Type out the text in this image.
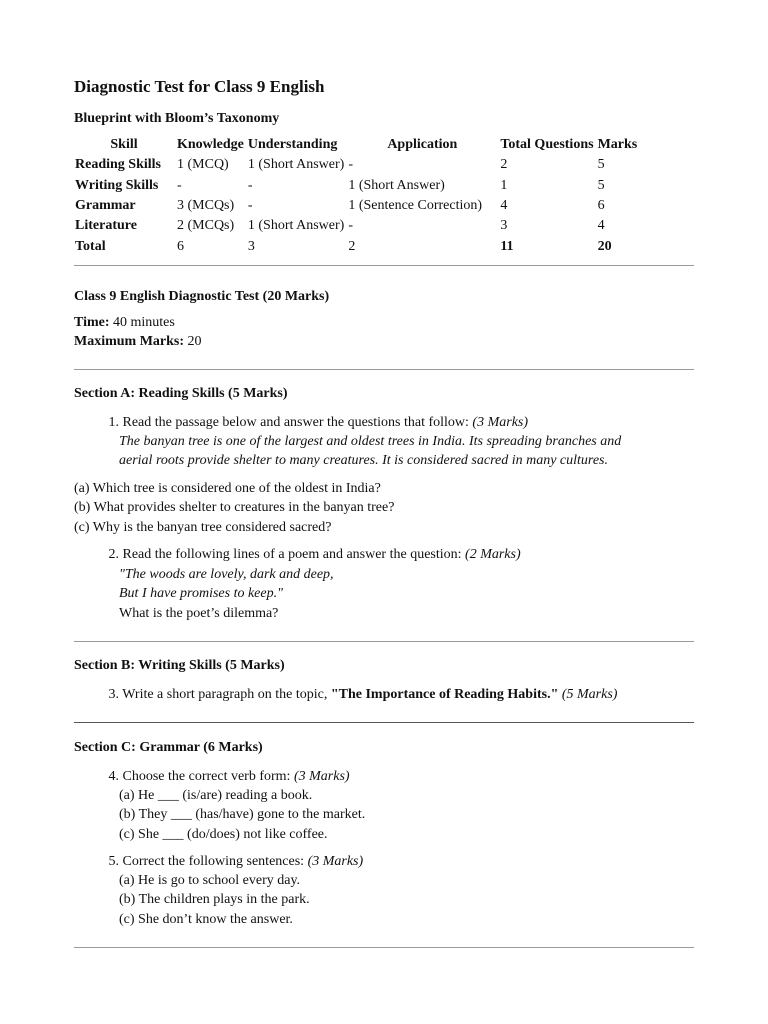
Diagnostic Test for Class 9 English
Blueprint with Bloom’s Taxonomy
Skill	Knowledge	Understanding	Application	Total Questions	Marks
Reading Skills	1 (MCQ)	1 (Short Answer)	-	2	5
Writing Skills	-	-	1 (Short Answer)	1	5
Grammar	3 (MCQs)	-	1 (Sentence Correction)	4	6
Literature	2 (MCQs)	1 (Short Answer)	-	3	4
Total	6	3	2	11	20
Class 9 English Diagnostic Test (20 Marks)
Time: 40 minutes
Maximum Marks: 20
Section A: Reading Skills (5 Marks)
1. Read the passage below and answer the questions that follow: (3 Marks)
The banyan tree is one of the largest and oldest trees in India. Its spreading branches and
aerial roots provide shelter to many creatures. It is considered sacred in many cultures.
(a) Which tree is considered one of the oldest in India?
(b) What provides shelter to creatures in the banyan tree?
(c) Why is the banyan tree considered sacred?
2. Read the following lines of a poem and answer the question: (2 Marks)
"The woods are lovely, dark and deep,
But I have promises to keep."
What is the poet’s dilemma?
Section B: Writing Skills (5 Marks)
3. Write a short paragraph on the topic, "The Importance of Reading Habits." (5 Marks)
Section C: Grammar (6 Marks)
4. Choose the correct verb form: (3 Marks)
(a) He ___ (is/are) reading a book.
(b) They ___ (has/have) gone to the market.
(c) She ___ (do/does) not like coffee.
5. Correct the following sentences: (3 Marks)
(a) He is go to school every day.
(b) The children plays in the park.
(c) She don’t know the answer.
